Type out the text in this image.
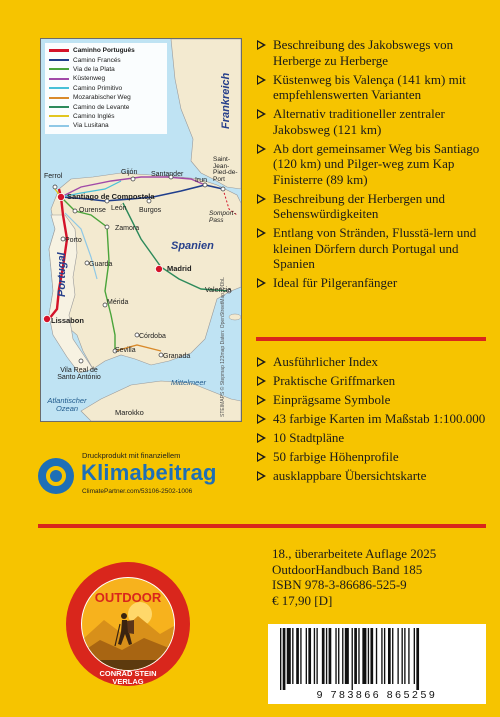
Caminho Português
Camino Francés
Via de la Plata
Küstenweg
Camino Primitivo
Mozarabischer Weg
Camino de Levante
Camino Inglés
Via Lusitana	Frankreich
Spanien
Portugal
Ferrol
Gijón Santander
Irun
Saint-Jean-Pied-de-Port
Santiago de Compostela
Ourense León Burgos	Somport-Pass
Porto
Guarda
Zamora
Madrid
Valencia
Mérida
Lissabon
Córdoba
Sevilla
Granada
Vila Real de Santo António
Mittelmeer
Atlantischer Ozean	Marokko	STEIMAPS © Stepmap 123map Daten: OpenStreetMap, ODbL
Beschreibung des Jakobswegs von Herberge zu Herberge
Küstenweg bis Valença (141 km) mit empfehlenswerten Varianten
Alternativ traditioneller zentraler Jakobsweg (121 km)
Ab dort gemeinsamer Weg bis Santiago (120 km) und Pilger-weg zum Kap Finisterre (89 km)
Beschreibung der Herbergen und Sehenswürdigkeiten
Entlang von Stränden, Flusstä-lern und kleinen Dörfern durch Portugal und Spanien
Ideal für Pilgeranfänger
Ausführlicher Index
Praktische Griffmarken
Einprägsame Symbole
43 farbige Karten im Maßstab 1:100.000
10 Stadtpläne
50 farbige Höhenprofile
ausklappbare Übersichtskarte
Druckprodukt mit finanziellem
Klimabeitrag
ClimatePartner.com/53106-2502-1006
18., überarbeitete Auflage 2025
OutdoorHandbuch Band 185
ISBN 978-3-86686-525-9
€ 17,90 [D]
OUTDOOR
CONRAD STEIN
VERLAG
9 783866 865259
